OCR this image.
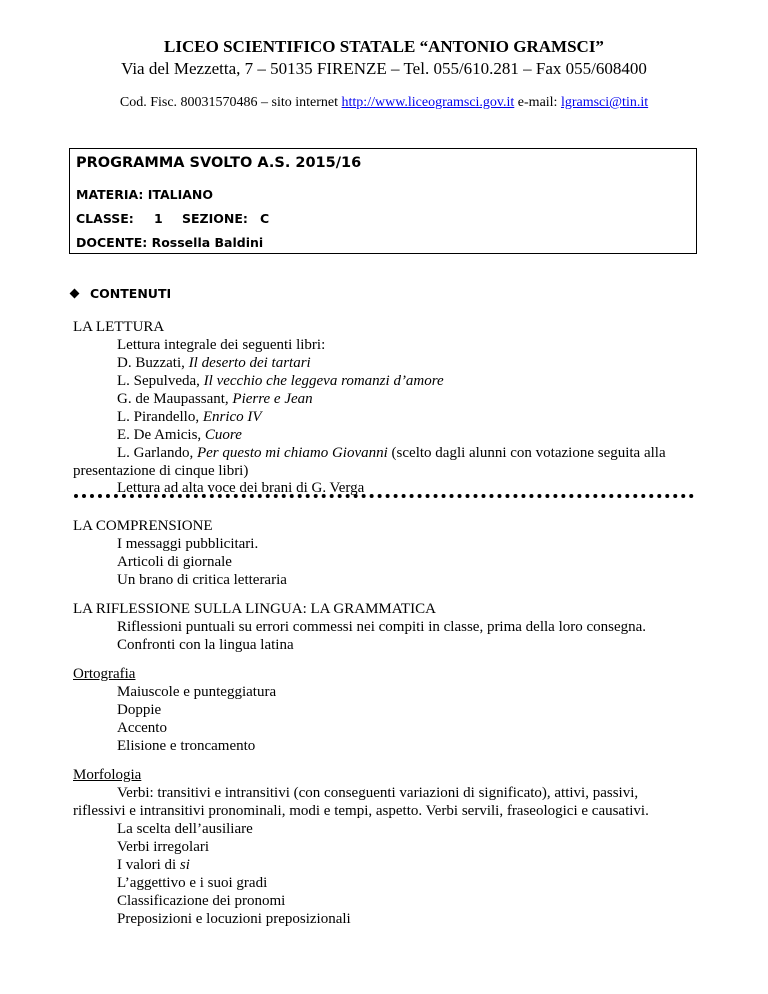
LICEO SCIENTIFICO STATALE “ANTONIO GRAMSCI”
Via del Mezzetta, 7 – 50135 FIRENZE – Tel. 055/610.281 – Fax 055/608400
Cod. Fisc. 80031570486 – sito internet http://www.liceogramsci.gov.it e-mail: lgramsci@tin.it
PROGRAMMA SVOLTO A.S. 2015/16
MATERIA: ITALIANO
CLASSE: 1 SEZIONE: C
DOCENTE: Rossella Baldini
CONTENUTI
LA LETTURA
Lettura integrale dei seguenti libri:
D. Buzzati, Il deserto dei tartari
L. Sepulveda, Il vecchio che leggeva romanzi d’amore
G. de Maupassant, Pierre e Jean
L. Pirandello, Enrico IV
E. De Amicis, Cuore
L. Garlando, Per questo mi chiamo Giovanni (scelto dagli alunni con votazione seguita alla
presentazione di cinque libri)
Lettura ad alta voce dei brani di G. Verga
LA COMPRENSIONE
I messaggi pubblicitari.
Articoli di giornale
Un brano di critica letteraria
LA RIFLESSIONE SULLA LINGUA: LA GRAMMATICA
Riflessioni puntuali su errori commessi nei compiti in classe, prima della loro consegna.
Confronti con la lingua latina
Ortografia
Maiuscole e punteggiatura
Doppie
Accento
Elisione e troncamento
Morfologia
Verbi: transitivi e intransitivi (con conseguenti variazioni di significato), attivi, passivi,
riflessivi e intransitivi pronominali, modi e tempi, aspetto. Verbi servili, fraseologici e causativi.
La scelta dell’ausiliare
Verbi irregolari
I valori di si
L’aggettivo e i suoi gradi
Classificazione dei pronomi
Preposizioni e locuzioni preposizionali
